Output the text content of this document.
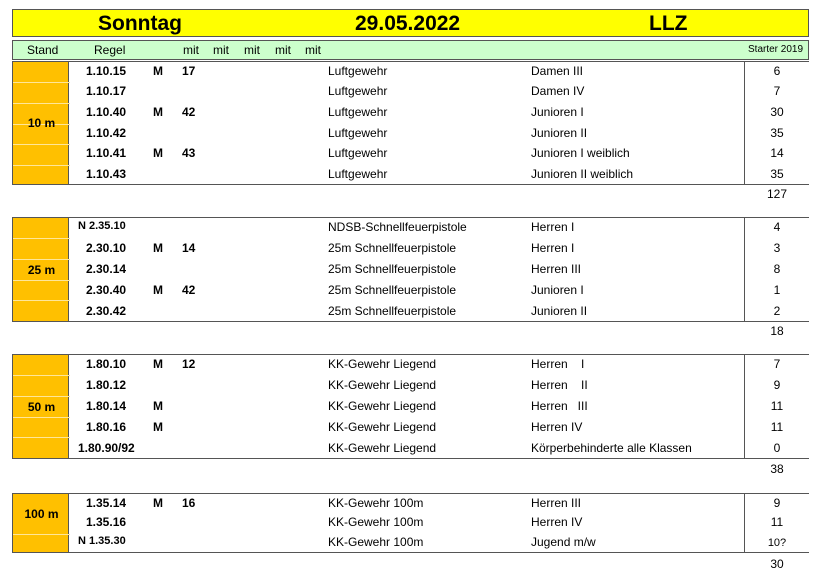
Sonntag	29.05.2022	LLZ
Stand	Regel	mit mit mit mit mit	Starter 2019
10 m
1.10.15 M 17	Luftgewehr	Damen III	6
1.10.17	Luftgewehr	Damen IV	7
1.10.40 M 42	Luftgewehr	Junioren I	30
1.10.42	Luftgewehr	Junioren II	35
1.10.41 M 43	Luftgewehr	Junioren I weiblich	14
1.10.43	Luftgewehr	Junioren II weiblich	35
127
25 m
N 2.35.10	NDSB-Schnellfeuerpistole	Herren I	4
2.30.10 M 14	25m Schnellfeuerpistole	Herren I	3
2.30.14	25m Schnellfeuerpistole	Herren III	8
2.30.40 M 42	25m Schnellfeuerpistole	Junioren I	1
2.30.42	25m Schnellfeuerpistole	Junioren II	2
18
50 m
1.80.10 M 12	KK-Gewehr Liegend	Herren    I	7
1.80.12	KK-Gewehr Liegend	Herren    II	9
1.80.14 M	KK-Gewehr Liegend	Herren   III	11
1.80.16 M	KK-Gewehr Liegend	Herren IV	11
1.80.90/92	KK-Gewehr Liegend	Körperbehinderte alle Klassen	0
38
100 m
1.35.14 M 16	KK-Gewehr 100m	Herren III	9
1.35.16	KK-Gewehr 100m	Herren IV	11
N 1.35.30	KK-Gewehr 100m	Jugend m/w	10?
30
